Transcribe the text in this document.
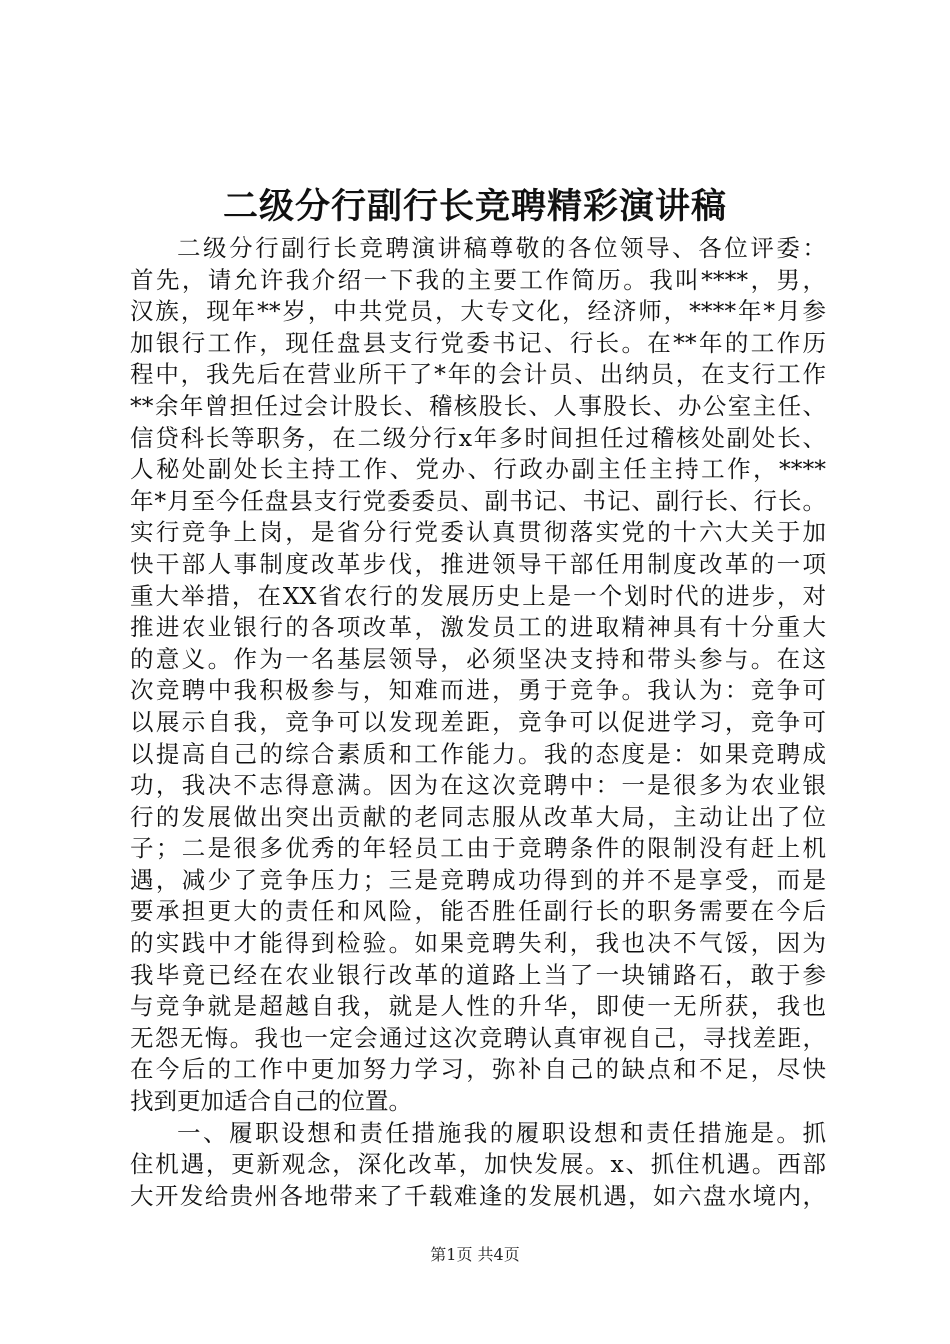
二级分行副行长竞聘精彩演讲稿
二级分行副行长竞聘演讲稿尊敬的各位领导、各位评委：
首先，请允许我介绍一下我的主要工作简历。我叫****，男，
汉族，现年**岁，中共党员，大专文化，经济师，****年*月参
加银行工作，现任盘县支行党委书记、行长。在**年的工作历
程中，我先后在营业所干了*年的会计员、出纳员，在支行工作
**余年曾担任过会计股长、稽核股长、人事股长、办公室主任、
信贷科长等职务，在二级分行x年多时间担任过稽核处副处长、
人秘处副处长主持工作、党办、行政办副主任主持工作，****
年*月至今任盘县支行党委委员、副书记、书记、副行长、行长。
实行竞争上岗，是省分行党委认真贯彻落实党的十六大关于加
快干部人事制度改革步伐，推进领导干部任用制度改革的一项
重大举措，在XX省农行的发展历史上是一个划时代的进步，对
推进农业银行的各项改革，激发员工的进取精神具有十分重大
的意义。作为一名基层领导，必须坚决支持和带头参与。在这
次竞聘中我积极参与，知难而进，勇于竞争。我认为：竞争可
以展示自我，竞争可以发现差距，竞争可以促进学习，竞争可
以提高自己的综合素质和工作能力。我的态度是：如果竞聘成
功，我决不志得意满。因为在这次竞聘中：一是很多为农业银
行的发展做出突出贡献的老同志服从改革大局，主动让出了位
子；二是很多优秀的年轻员工由于竞聘条件的限制没有赶上机
遇，减少了竞争压力；三是竞聘成功得到的并不是享受，而是
要承担更大的责任和风险，能否胜任副行长的职务需要在今后
的实践中才能得到检验。如果竞聘失利，我也决不气馁，因为
我毕竟已经在农业银行改革的道路上当了一块铺路石，敢于参
与竞争就是超越自我，就是人性的升华，即使一无所获，我也
无怨无悔。我也一定会通过这次竞聘认真审视自己，寻找差距，
在今后的工作中更加努力学习，弥补自己的缺点和不足，尽快
找到更加适合自己的位置。
一、履职设想和责任措施我的履职设想和责任措施是。抓
住机遇，更新观念，深化改革，加快发展。x、抓住机遇。西部
大开发给贵州各地带来了千载难逢的发展机遇，如六盘水境内，
第1页 共4页
